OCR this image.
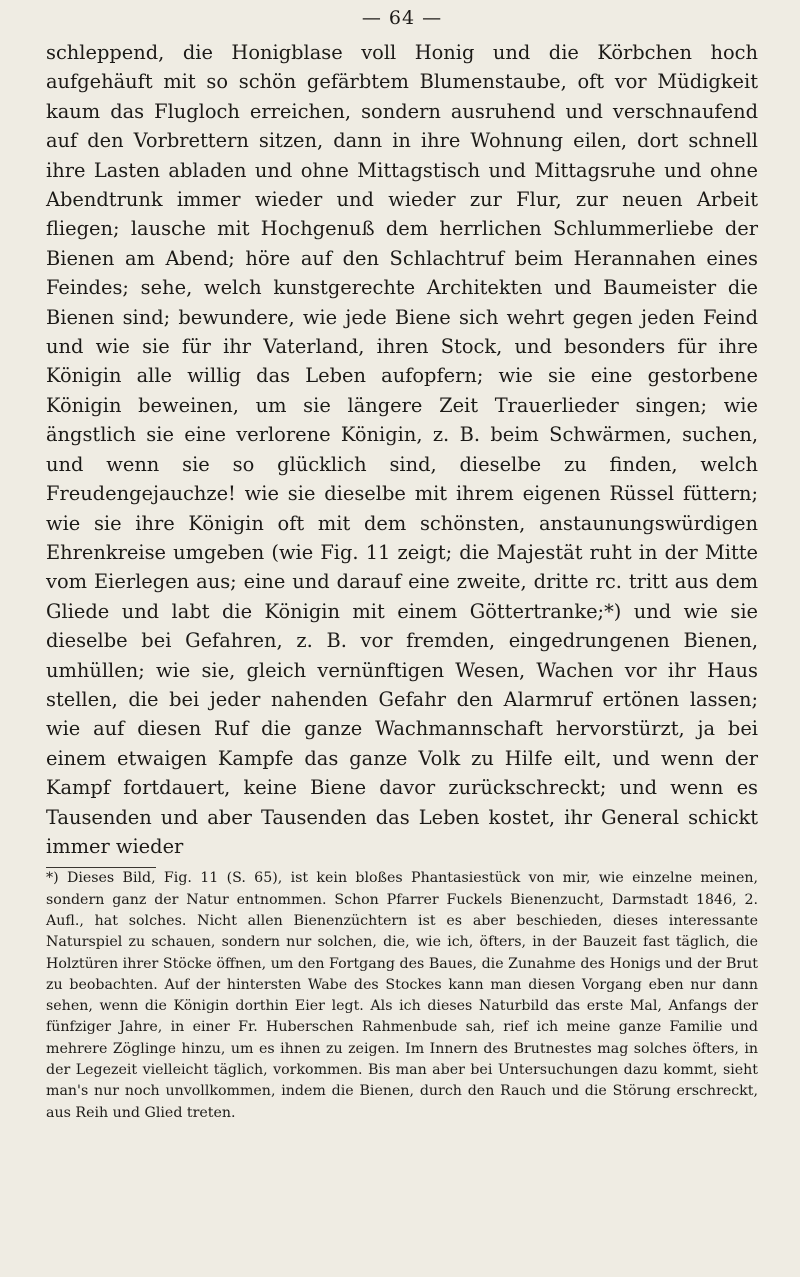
— 64 —

schleppend, die Honigblase voll Honig und die Körbchen hoch aufgehäuft mit so schön gefärbtem Blumenstaube, oft vor Müdigkeit kaum das Flugloch erreichen, sondern ausruhend und verschnaufend auf den Vorbrettern sitzen, dann in ihre Wohnung eilen, dort schnell ihre Lasten abladen und ohne Mittagstisch und Mittagsruhe und ohne Abendtrunk immer wieder und wieder zur Flur, zur neuen Arbeit fliegen; lausche mit Hochgenuß dem herrlichen Schlummerliebe der Bienen am Abend; höre auf den Schlachtruf beim Herannahen eines Feindes; sehe, welch kunstgerechte Architekten und Baumeister die Bienen sind; bewundere, wie jede Biene sich wehrt gegen jeden Feind und wie sie für ihr Vaterland, ihren Stock, und besonders für ihre Königin alle willig das Leben aufopfern; wie sie eine gestorbene Königin beweinen, um sie längere Zeit Trauerlieder singen; wie ängstlich sie eine verlorene Königin, z. B. beim Schwärmen, suchen, und wenn sie so glücklich sind, dieselbe zu finden, welch Freudengejauchze! wie sie dieselbe mit ihrem eigenen Rüssel füttern; wie sie ihre Königin oft mit dem schönsten, anstaunungswürdigen Ehrenkreise umgeben (wie Fig. 11 zeigt; die Majestät ruht in der Mitte vom Eierlegen aus; eine und darauf eine zweite, dritte rc. tritt aus dem Gliede und labt die Königin mit einem Göttertranke;*) und wie sie dieselbe bei Gefahren, z. B. vor fremden, eingedrungenen Bienen, umhüllen; wie sie, gleich vernünftigen Wesen, Wachen vor ihr Haus stellen, die bei jeder nahenden Gefahr den Alarmruf ertönen lassen; wie auf diesen Ruf die ganze Wachmannschaft hervorstürzt, ja bei einem etwaigen Kampfe das ganze Volk zu Hilfe eilt, und wenn der Kampf fortdauert, keine Biene davor zurückschreckt; und wenn es Tausenden und aber Tausenden das Leben kostet, ihr General schickt immer wieder

*) Dieses Bild, Fig. 11 (S. 65), ist kein bloßes Phantasiestück von mir, wie einzelne meinen, sondern ganz der Natur entnommen. Schon Pfarrer Fuckels Bienenzucht, Darmstadt 1846, 2. Aufl., hat solches. Nicht allen Bienenzüchtern ist es aber beschieden, dieses interessante Naturspiel zu schauen, sondern nur solchen, die, wie ich, öfters, in der Bauzeit fast täglich, die Holztüren ihrer Stöcke öffnen, um den Fortgang des Baues, die Zunahme des Honigs und der Brut zu beobachten. Auf der hintersten Wabe des Stockes kann man diesen Vorgang eben nur dann sehen, wenn die Königin dorthin Eier legt. Als ich dieses Naturbild das erste Mal, Anfangs der fünfziger Jahre, in einer Fr. Huberschen Rahmenbude sah, rief ich meine ganze Familie und mehrere Zöglinge hinzu, um es ihnen zu zeigen. Im Innern des Brutnestes mag solches öfters, in der Legezeit vielleicht täglich, vorkommen. Bis man aber bei Untersuchungen dazu kommt, sieht man's nur noch unvollkommen, indem die Bienen, durch den Rauch und die Störung erschreckt, aus Reih und Glied treten.
